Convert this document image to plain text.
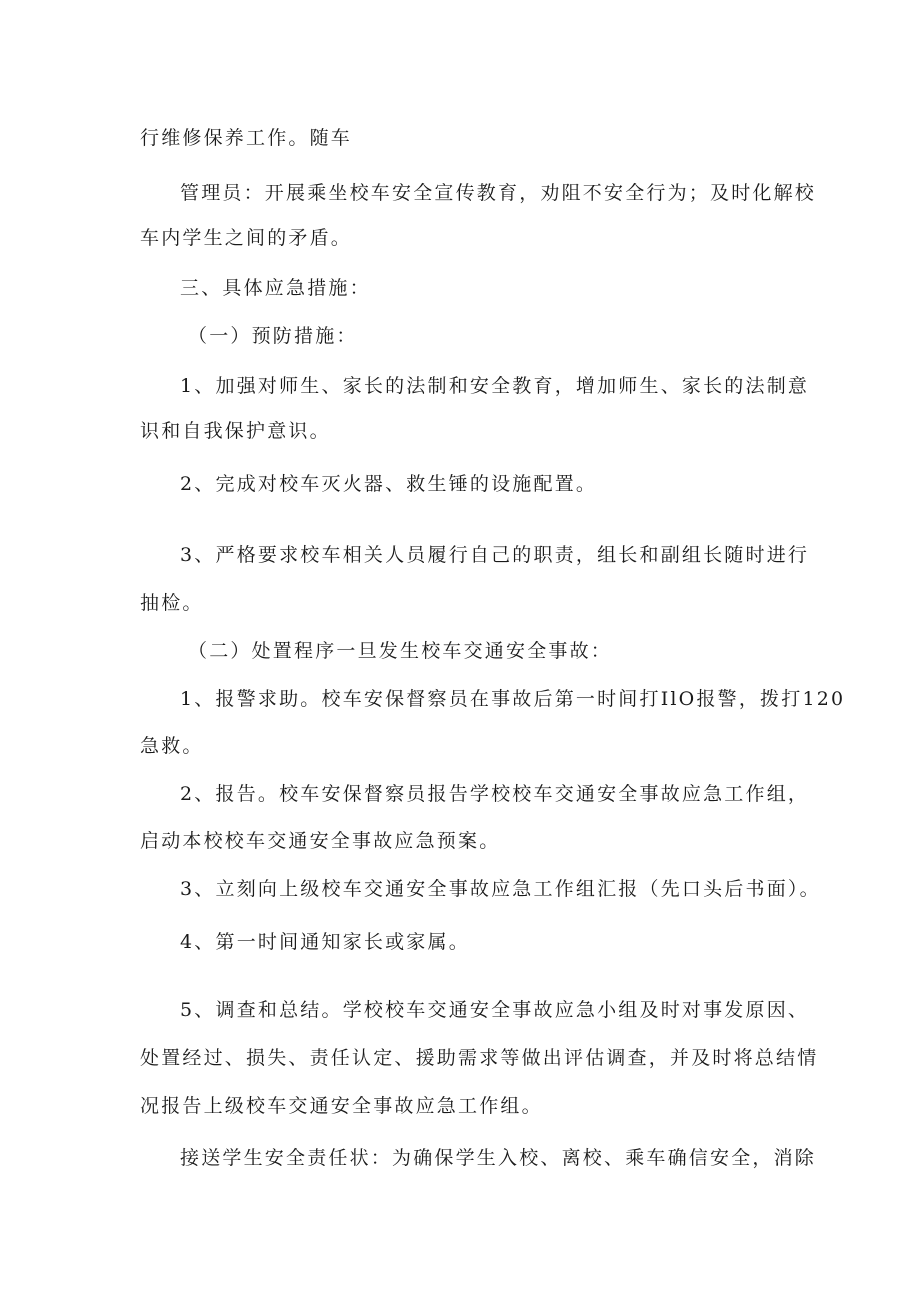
行维修保养工作。随车

管理员：开展乘坐校车安全宣传教育，劝阻不安全行为；及时化解校

车内学生之间的矛盾。

三、具体应急措施：

（一）预防措施：

1、加强对师生、家长的法制和安全教育，增加师生、家长的法制意

识和自我保护意识。

2、完成对校车灭火器、救生锤的设施配置。

3、严格要求校车相关人员履行自己的职责，组长和副组长随时进行

抽检。

（二）处置程序一旦发生校车交通安全事故：

1、报警求助。校车安保督察员在事故后第一时间打IlO报警，拨打120

急救。

2、报告。校车安保督察员报告学校校车交通安全事故应急工作组，

启动本校校车交通安全事故应急预案。

3、立刻向上级校车交通安全事故应急工作组汇报（先口头后书面）。

4、第一时间通知家长或家属。

5、调查和总结。学校校车交通安全事故应急小组及时对事发原因、

处置经过、损失、责任认定、援助需求等做出评估调查，并及时将总结情

况报告上级校车交通安全事故应急工作组。

接送学生安全责任状：为确保学生入校、离校、乘车确信安全，消除
